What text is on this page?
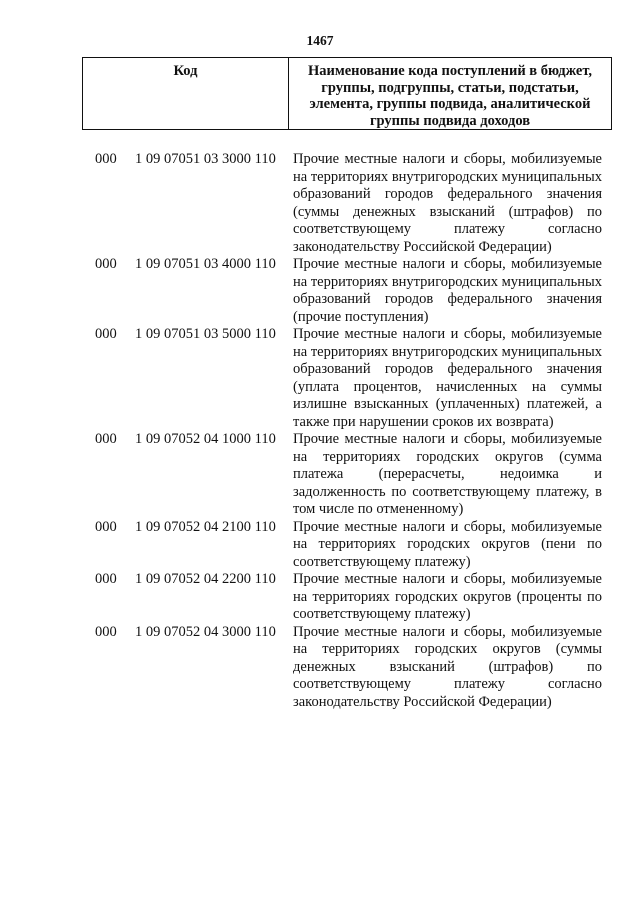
1467
Код	Наименование кода поступлений в бюджет, группы, подгруппы, статьи, подстатьи, элемента, группы подвида, аналитической группы подвида доходов
000 1 09 07051 03 3000 110 Прочие местные налоги и сборы, мобилизуемые на территориях внутригородских муниципальных образований городов федерального значения (суммы денежных взысканий (штрафов) по соответствующему платежу согласно законодательству Российской Федерации)
000 1 09 07051 03 4000 110 Прочие местные налоги и сборы, мобилизуемые на территориях внутригородских муниципальных образований городов федерального значения (прочие поступления)
000 1 09 07051 03 5000 110 Прочие местные налоги и сборы, мобилизуемые на территориях внутригородских муниципальных образований городов федерального значения (уплата процентов, начисленных на суммы излишне взысканных (уплаченных) платежей, а также при нарушении сроков их возврата)
000 1 09 07052 04 1000 110 Прочие местные налоги и сборы, мобилизуемые на территориях городских округов (сумма платежа (перерасчеты, недоимка и задолженность по соответствующему платежу, в том числе по отмененному)
000 1 09 07052 04 2100 110 Прочие местные налоги и сборы, мобилизуемые на территориях городских округов (пени по соответствующему платежу)
000 1 09 07052 04 2200 110 Прочие местные налоги и сборы, мобилизуемые на территориях городских округов (проценты по соответствующему платежу)
000 1 09 07052 04 3000 110 Прочие местные налоги и сборы, мобилизуемые на территориях городских округов (суммы денежных взысканий (штрафов) по соответствующему платежу согласно законодательству Российской Федерации)
